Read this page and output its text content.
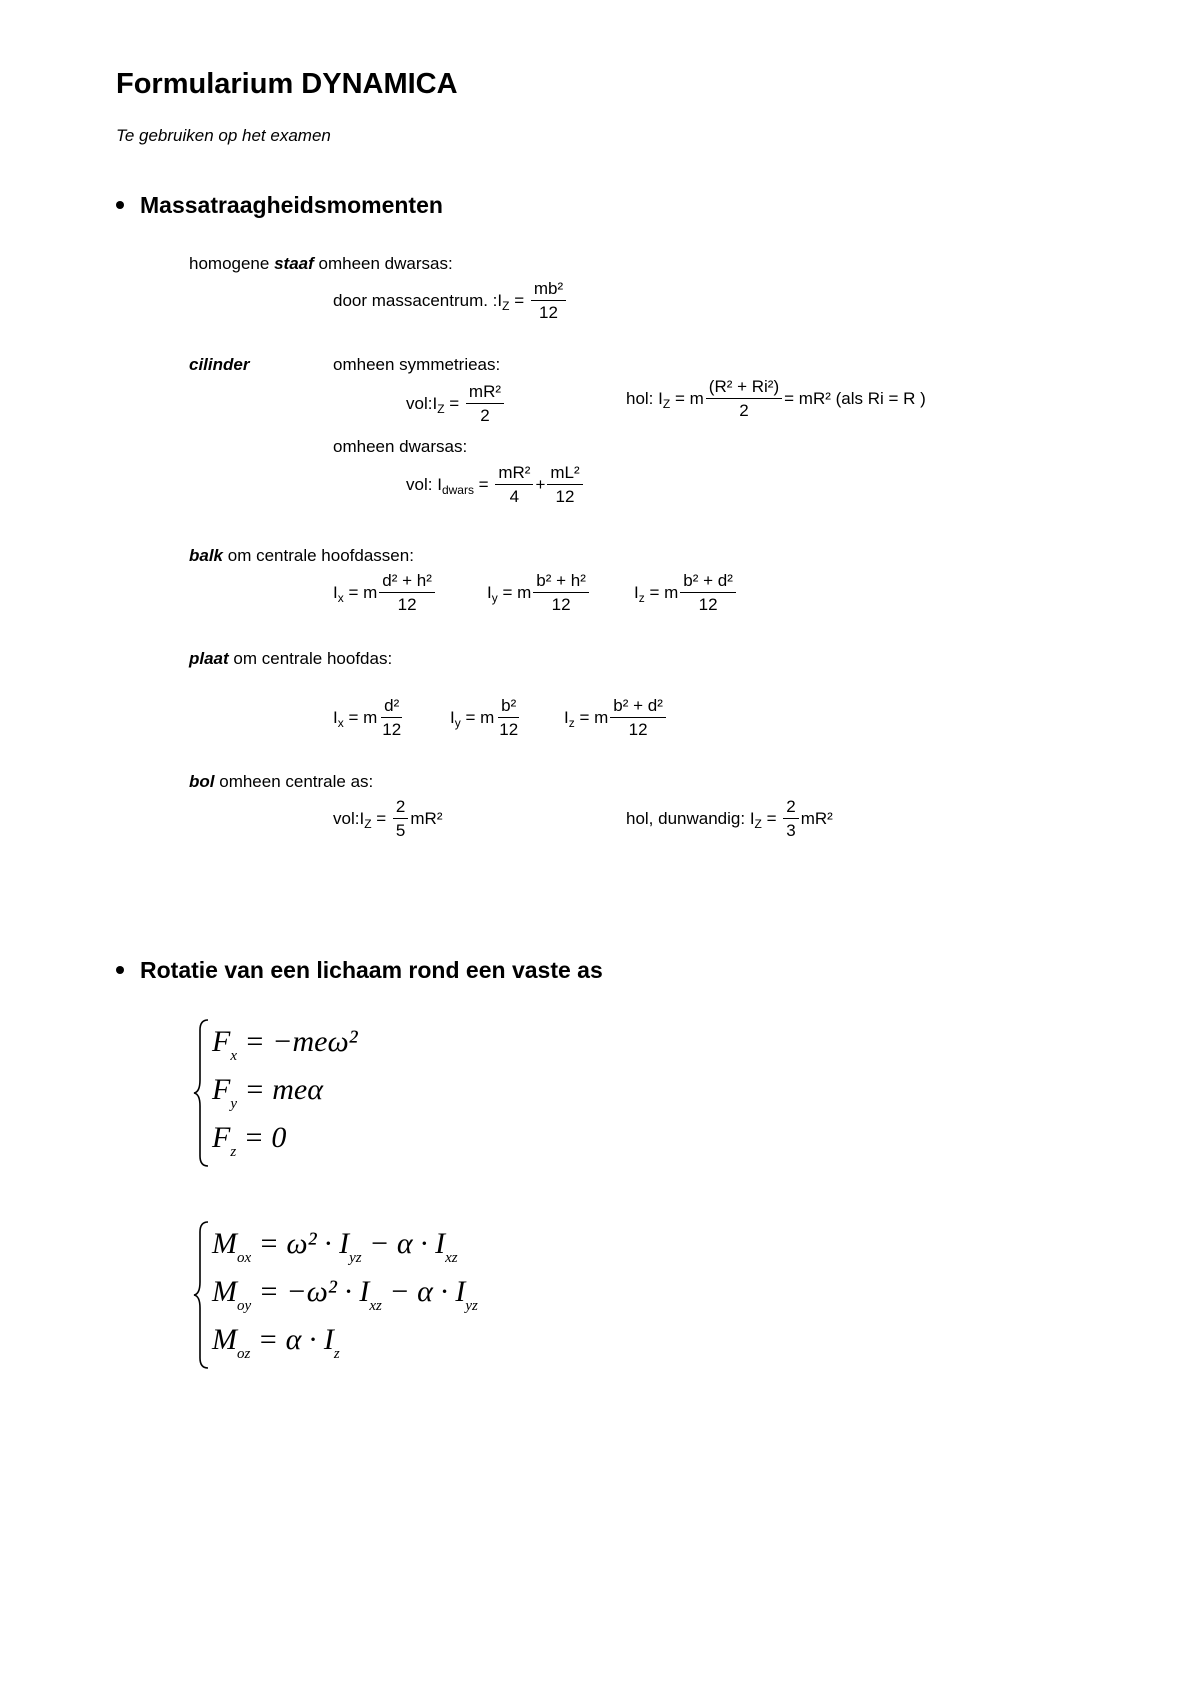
Formularium DYNAMICA
Te gebruiken op het examen
Massatraagheidsmomenten
homogene staaf omheen dwarsas:
door massacentrum. : I $Z = \frac{\text{mb²}}{12}$
cilinder	omheen symmetrieas:
vol: I $Z = \frac{\text{mR²}}{2}$	hol:
I Z = m $\frac{\text{(R² + Ri²)}}{2} = mR^2$
(als Ri = R )
omheen dwarsas:
vol:
I dwars = $\frac{\text{mR²}}{4} + \frac{\text{mL²}}{12}$
balk om centrale hoofdassen:
I x = m $\frac{\text{d² + h²}}{12}$	I y = m $\frac{\text{b² + h²}}{12}$	I z = m $\frac{\text{b² + d²}}{12}$
plaat om centrale hoofdas:
I x = m $\frac{\text{d²}}{12}$	I y = m $\frac{\text{b²}}{12}$	I z = m $\frac{\text{b² + d²}}{12}$
bol omheen centrale as:
vol: I $Z = \frac{2}{5} mR^2$	hol, dunwandig: I $Z = \frac{2}{3} mR^2$
Rotatie van een lichaam rond een vaste as
$F_x = -me\omega^2$
$F_y = me\alpha$
$F_z = 0$
$M_{ox} = \omega^2 \cdot I_{yz} - \alpha \cdot I_{xz}$
$M_{oy} = -\omega^2 \cdot I_{xz} - \alpha \cdot I_{yz}$
$M_{oz} = \alpha \cdot I_z$
